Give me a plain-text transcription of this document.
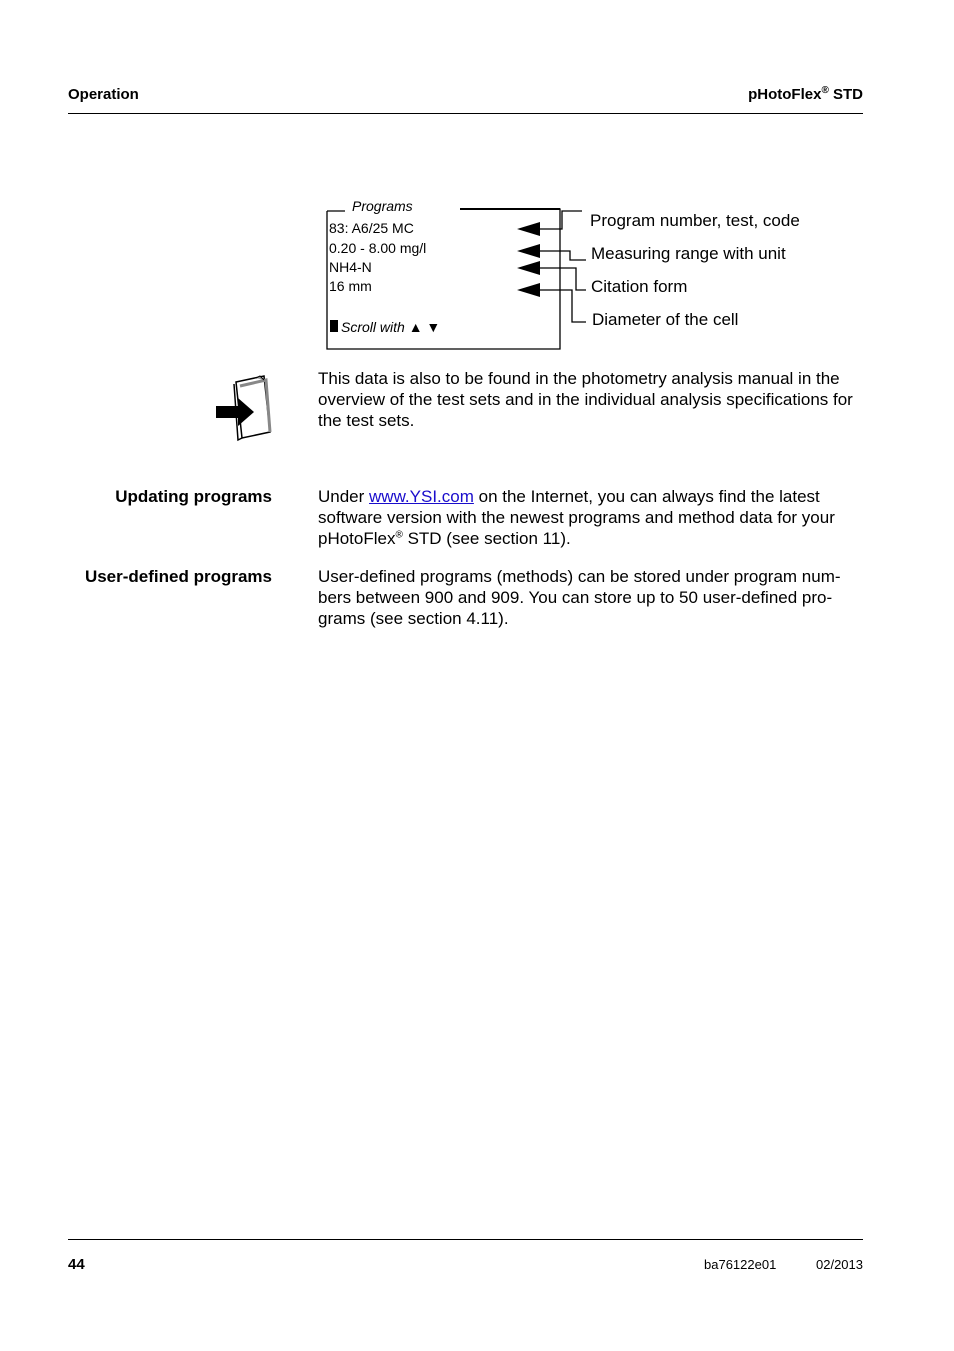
Operation	pHotoFlex® STD
Programs
83: A6/25 MC
0.20 - 8.00 mg/l
NH4-N
16 mm
Scroll with ▲ ▼
Program number, test, code
Measuring range with unit
Citation form
Diameter of the cell
This data is also to be found in the photometry analysis manual in the overview of the test sets and in the individual analysis specifications for the test sets.
Updating programs	Under www.YSI.com on the Internet, you can always find the latest software version with the newest programs and method data for your pHotoFlex® STD (see section 11).
User-defined programs	User-defined programs (methods) can be stored under program num-
bers between 900 and 909. You can store up to 50 user-defined pro-
grams (see section 4.11).
44	ba76122e01	02/2013
